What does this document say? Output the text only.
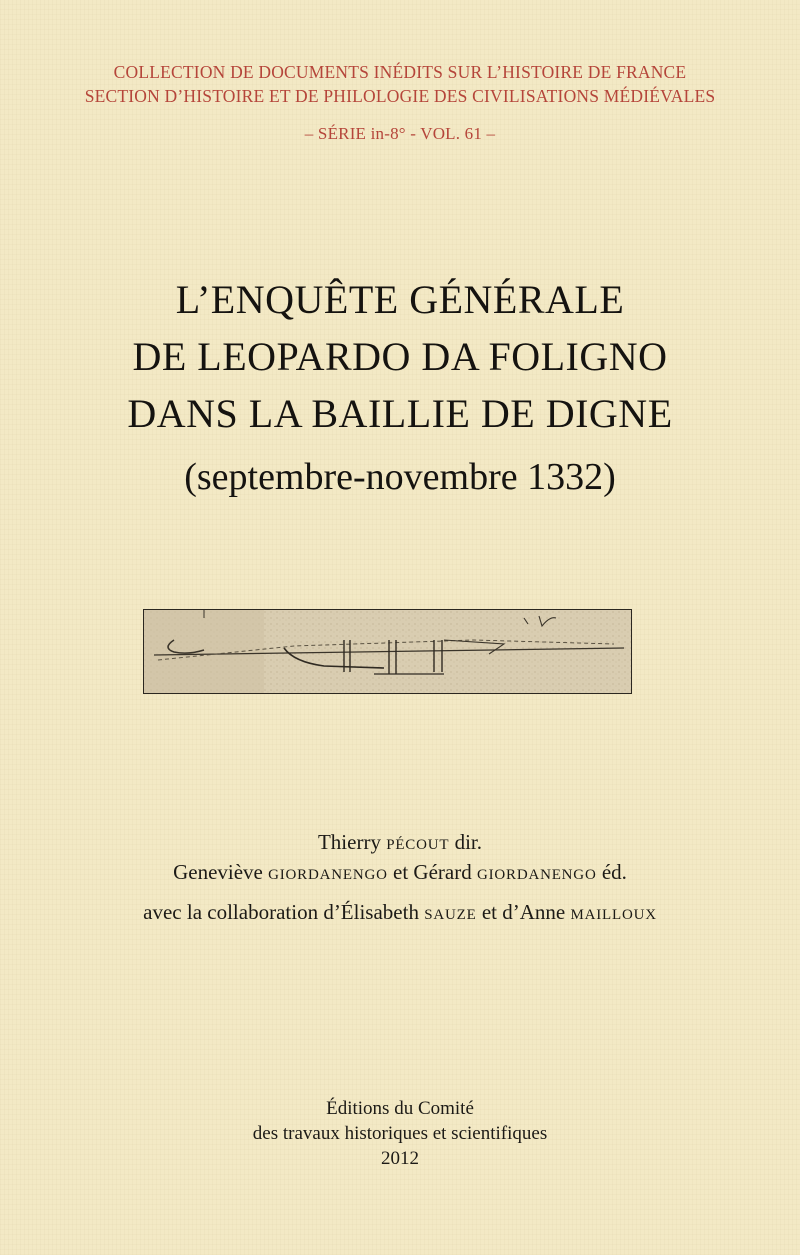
COLLECTION DE DOCUMENTS INÉDITS SUR L’HISTOIRE DE FRANCE
SECTION D’HISTOIRE ET DE PHILOLOGIE DES CIVILISATIONS MÉDIÉVALES
– SÉRIE in-8° - VOL. 61 –
L’ENQUÊTE GÉNÉRALE
DE LEOPARDO DA FOLIGNO
DANS LA BAILLIE DE DIGNE
(septembre-novembre 1332)
Thierry PÉCOUT dir.
Geneviève GIORDANENGO et Gérard GIORDANENGO éd.
avec la collaboration d’Élisabeth SAUZE et d’Anne MAILLOUX
Éditions du Comité
des travaux historiques et scientifiques
2012
